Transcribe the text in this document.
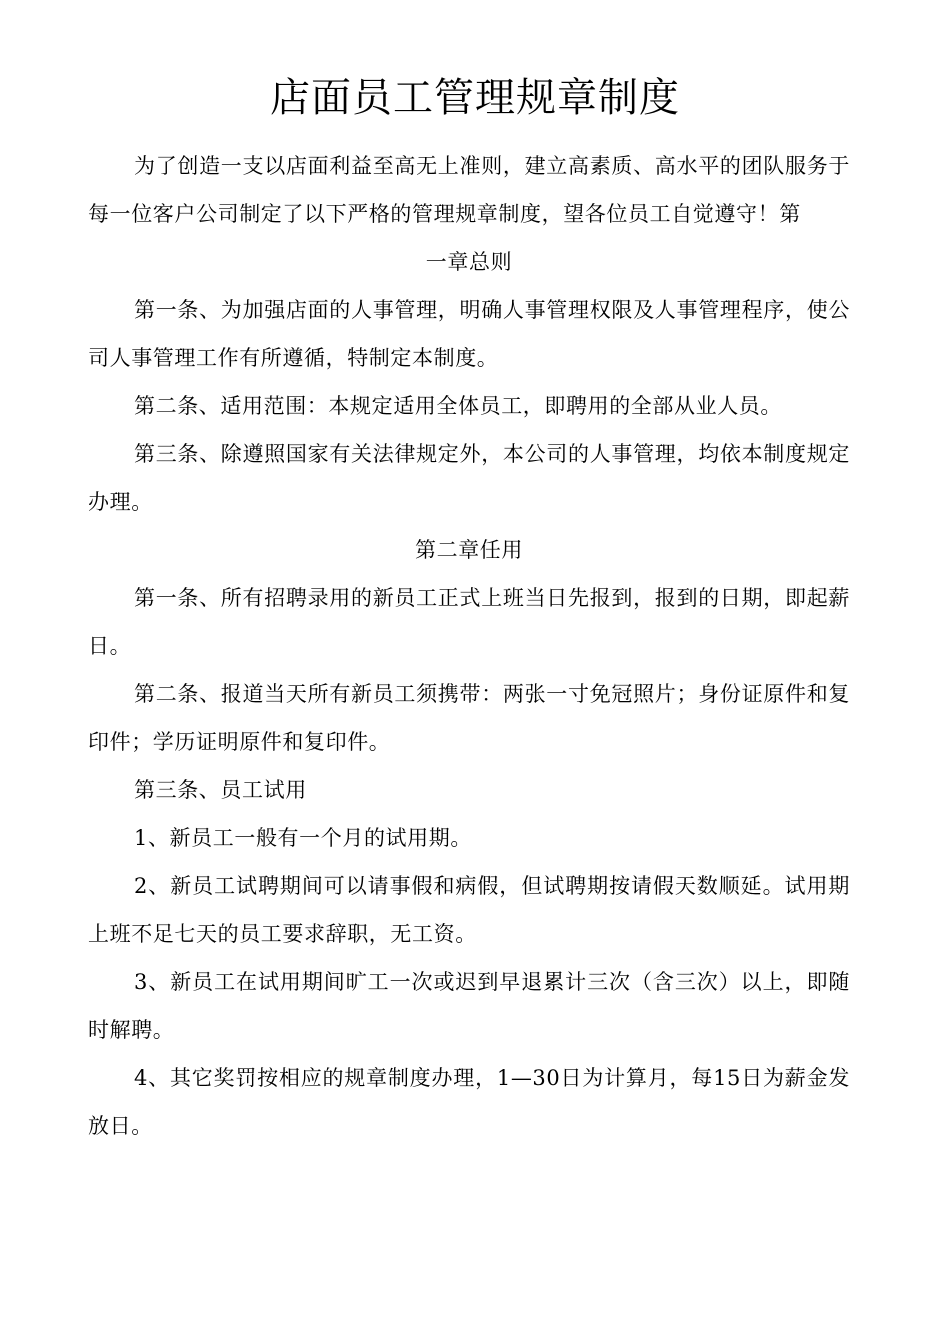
店面员工管理规章制度

为了创造一支以店面利益至高无上准则，建立高素质、高水平的团队服务于每一位客户公司制定了以下严格的管理规章制度，望各位员工自觉遵守！第

一章总则

第一条、为加强店面的人事管理，明确人事管理权限及人事管理程序，使公司人事管理工作有所遵循，特制定本制度。

第二条、适用范围：本规定适用全体员工，即聘用的全部从业人员。

第三条、除遵照国家有关法律规定外，本公司的人事管理，均依本制度规定办理。

第二章任用

第一条、所有招聘录用的新员工正式上班当日先报到，报到的日期，即起薪日。

第二条、报道当天所有新员工须携带：两张一寸免冠照片；身份证原件和复印件；学历证明原件和复印件。

第三条、员工试用

1、新员工一般有一个月的试用期。

2、新员工试聘期间可以请事假和病假，但试聘期按请假天数顺延。试用期上班不足七天的员工要求辞职，无工资。

3、新员工在试用期间旷工一次或迟到早退累计三次（含三次）以上，即随时解聘。

4、其它奖罚按相应的规章制度办理，1—30日为计算月，每15日为薪金发放日。
